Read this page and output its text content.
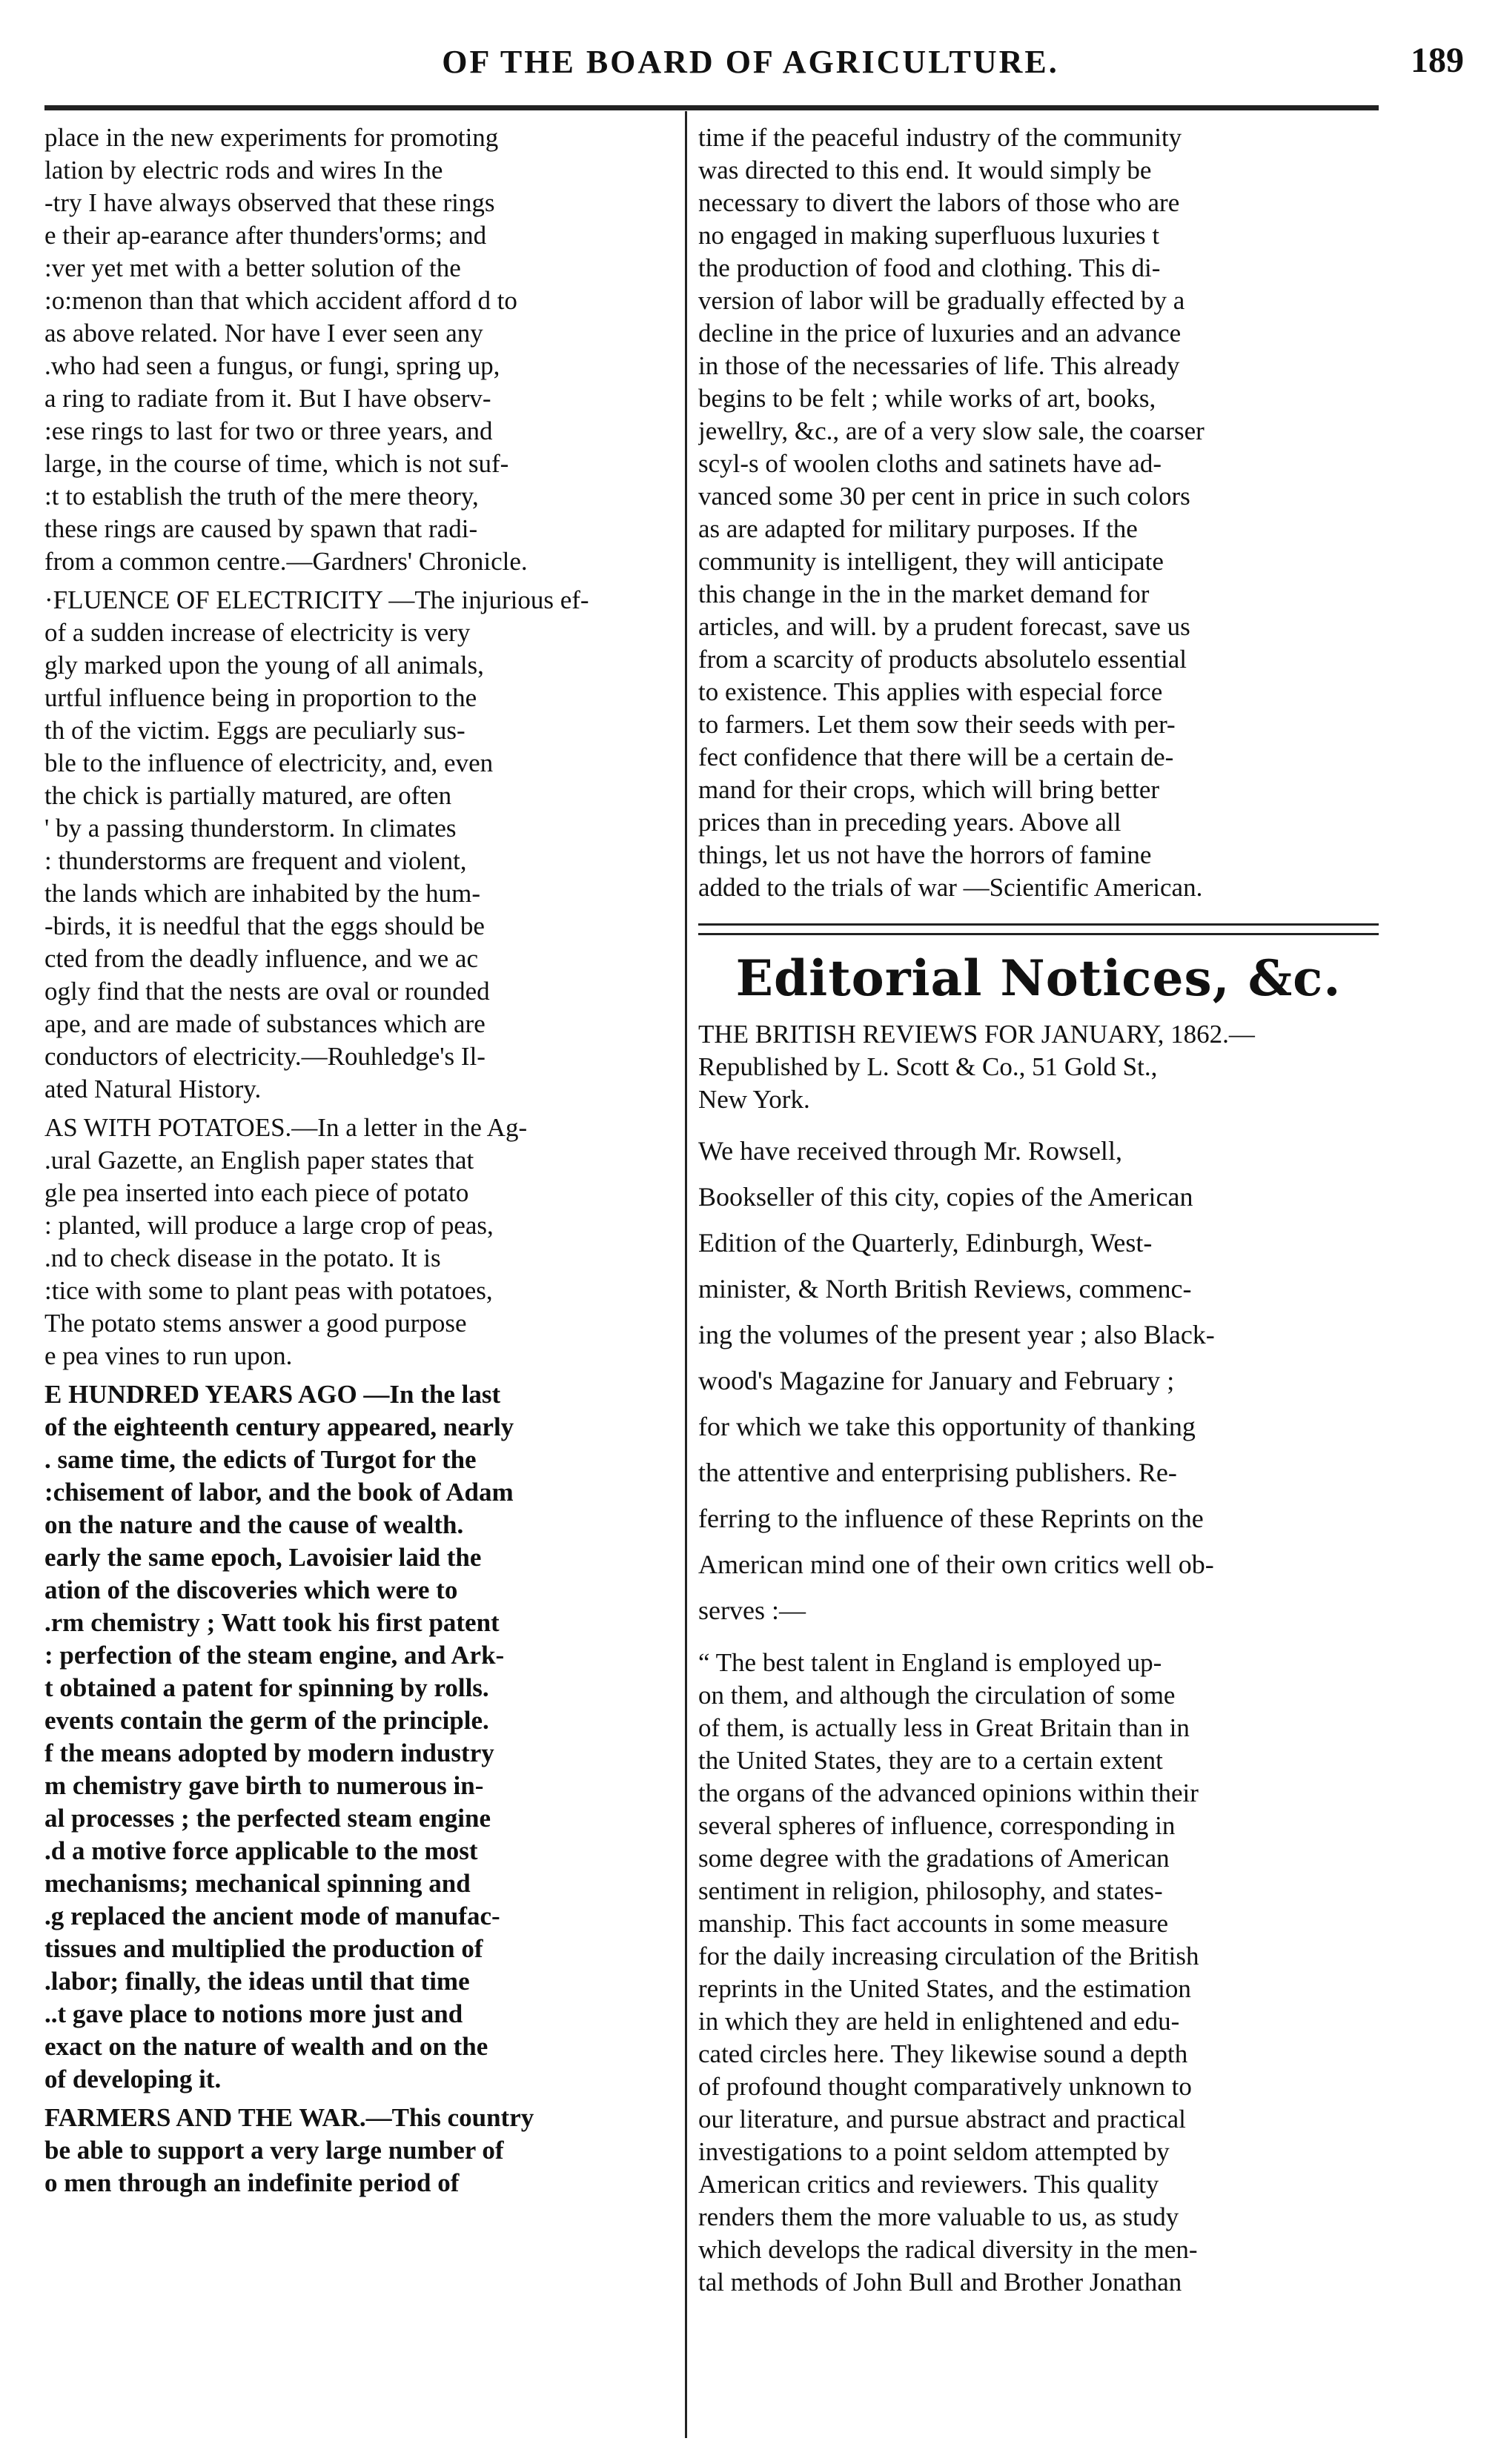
OF THE BOARD OF AGRICULTURE.	189
place in the new experiments for promoting
lation by electric rods and wires In the
-try I have always observed that these rings
e their ap-earance after thunders'orms; and
:ver yet met with a better solution of the
:o:menon than that which accident afford d to
as above related. Nor have I ever seen any
.who had seen a fungus, or fungi, spring up,
a ring to radiate from it. But I have observ-
:ese rings to last for two or three years, and
large, in the course of time, which is not suf-
:t to establish the truth of the mere theory,
these rings are caused by spawn that radi-
from a common centre.—Gardners' Chronicle.
·FLUENCE OF ELECTRICITY —The injurious ef-
of a sudden increase of electricity is very
gly marked upon the young of all animals,
urtful influence being in proportion to the
th of the victim. Eggs are peculiarly sus-
ble to the influence of electricity, and, even
the chick is partially matured, are often
' by a passing thunderstorm. In climates
: thunderstorms are frequent and violent,
the lands which are inhabited by the hum-
-birds, it is needful that the eggs should be
cted from the deadly influence, and we ac
ogly find that the nests are oval or rounded
ape, and are made of substances which are
conductors of electricity.—Rouhledge's Il-
ated Natural History.
AS WITH POTATOES.—In a letter in the Ag-
.ural Gazette, an English paper states that
gle pea inserted into each piece of potato
: planted, will produce a large crop of peas,
.nd to check disease in the potato. It is
:tice with some to plant peas with potatoes,
The potato stems answer a good purpose
e pea vines to run upon.
E HUNDRED YEARS AGO —In the last
of the eighteenth century appeared, nearly
. same time, the edicts of Turgot for the
:chisement of labor, and the book of Adam
on the nature and the cause of wealth.
early the same epoch, Lavoisier laid the
ation of the discoveries which were to
.rm chemistry ; Watt took his first patent
: perfection of the steam engine, and Ark-
t obtained a patent for spinning by rolls.
events contain the germ of the principle.
f the means adopted by modern industry
m chemistry gave birth to numerous in-
al processes ; the perfected steam engine
.d a motive force applicable to the most
mechanisms; mechanical spinning and
.g replaced the ancient mode of manufac-
tissues and multiplied the production of
.labor; finally, the ideas until that time
..t gave place to notions more just and
exact on the nature of wealth and on the
of developing it.
FARMERS AND THE WAR.—This country
be able to support a very large number of
o men through an indefinite period of
time if the peaceful industry of the community
was directed to this end. It would simply be
necessary to divert the labors of those who are
no engaged in making superfluous luxuries t
the production of food and clothing. This di-
version of labor will be gradually effected by a
decline in the price of luxuries and an advance
in those of the necessaries of life. This already
begins to be felt ; while works of art, books,
jewellry, &c., are of a very slow sale, the coarser
scyl-s of woolen cloths and satinets have ad-
vanced some 30 per cent in price in such colors
as are adapted for military purposes. If the
community is intelligent, they will anticipate
this change in the in the market demand for
articles, and will. by a prudent forecast, save us
from a scarcity of products absolutelo essential
to existence. This applies with especial force
to farmers. Let them sow their seeds with per-
fect confidence that there will be a certain de-
mand for their crops, which will bring better
prices than in preceding years. Above all
things, let us not have the horrors of famine
added to the trials of war —Scientific American.
Editorial Notices, &c.
THE BRITISH REVIEWS FOR JANUARY, 1862.—
Republished by L. Scott & Co., 51 Gold St.,
New York.
We have received through Mr. Rowsell,
Bookseller of this city, copies of the American
Edition of the Quarterly, Edinburgh, West-
minister, & North British Reviews, commenc-
ing the volumes of the present year ; also Black-
wood's Magazine for January and February ;
for which we take this opportunity of thanking
the attentive and enterprising publishers. Re-
ferring to the influence of these Reprints on the
American mind one of their own critics well ob-
serves :—
“ The best talent in England is employed up-
on them, and although the circulation of some
of them, is actually less in Great Britain than in
the United States, they are to a certain extent
the organs of the advanced opinions within their
several spheres of influence, corresponding in
some degree with the gradations of American
sentiment in religion, philosophy, and states-
manship. This fact accounts in some measure
for the daily increasing circulation of the British
reprints in the United States, and the estimation
in which they are held in enlightened and edu-
cated circles here. They likewise sound a depth
of profound thought comparatively unknown to
our literature, and pursue abstract and practical
investigations to a point seldom attempted by
American critics and reviewers. This quality
renders them the more valuable to us, as study
which develops the radical diversity in the men-
tal methods of John Bull and Brother Jonathan
